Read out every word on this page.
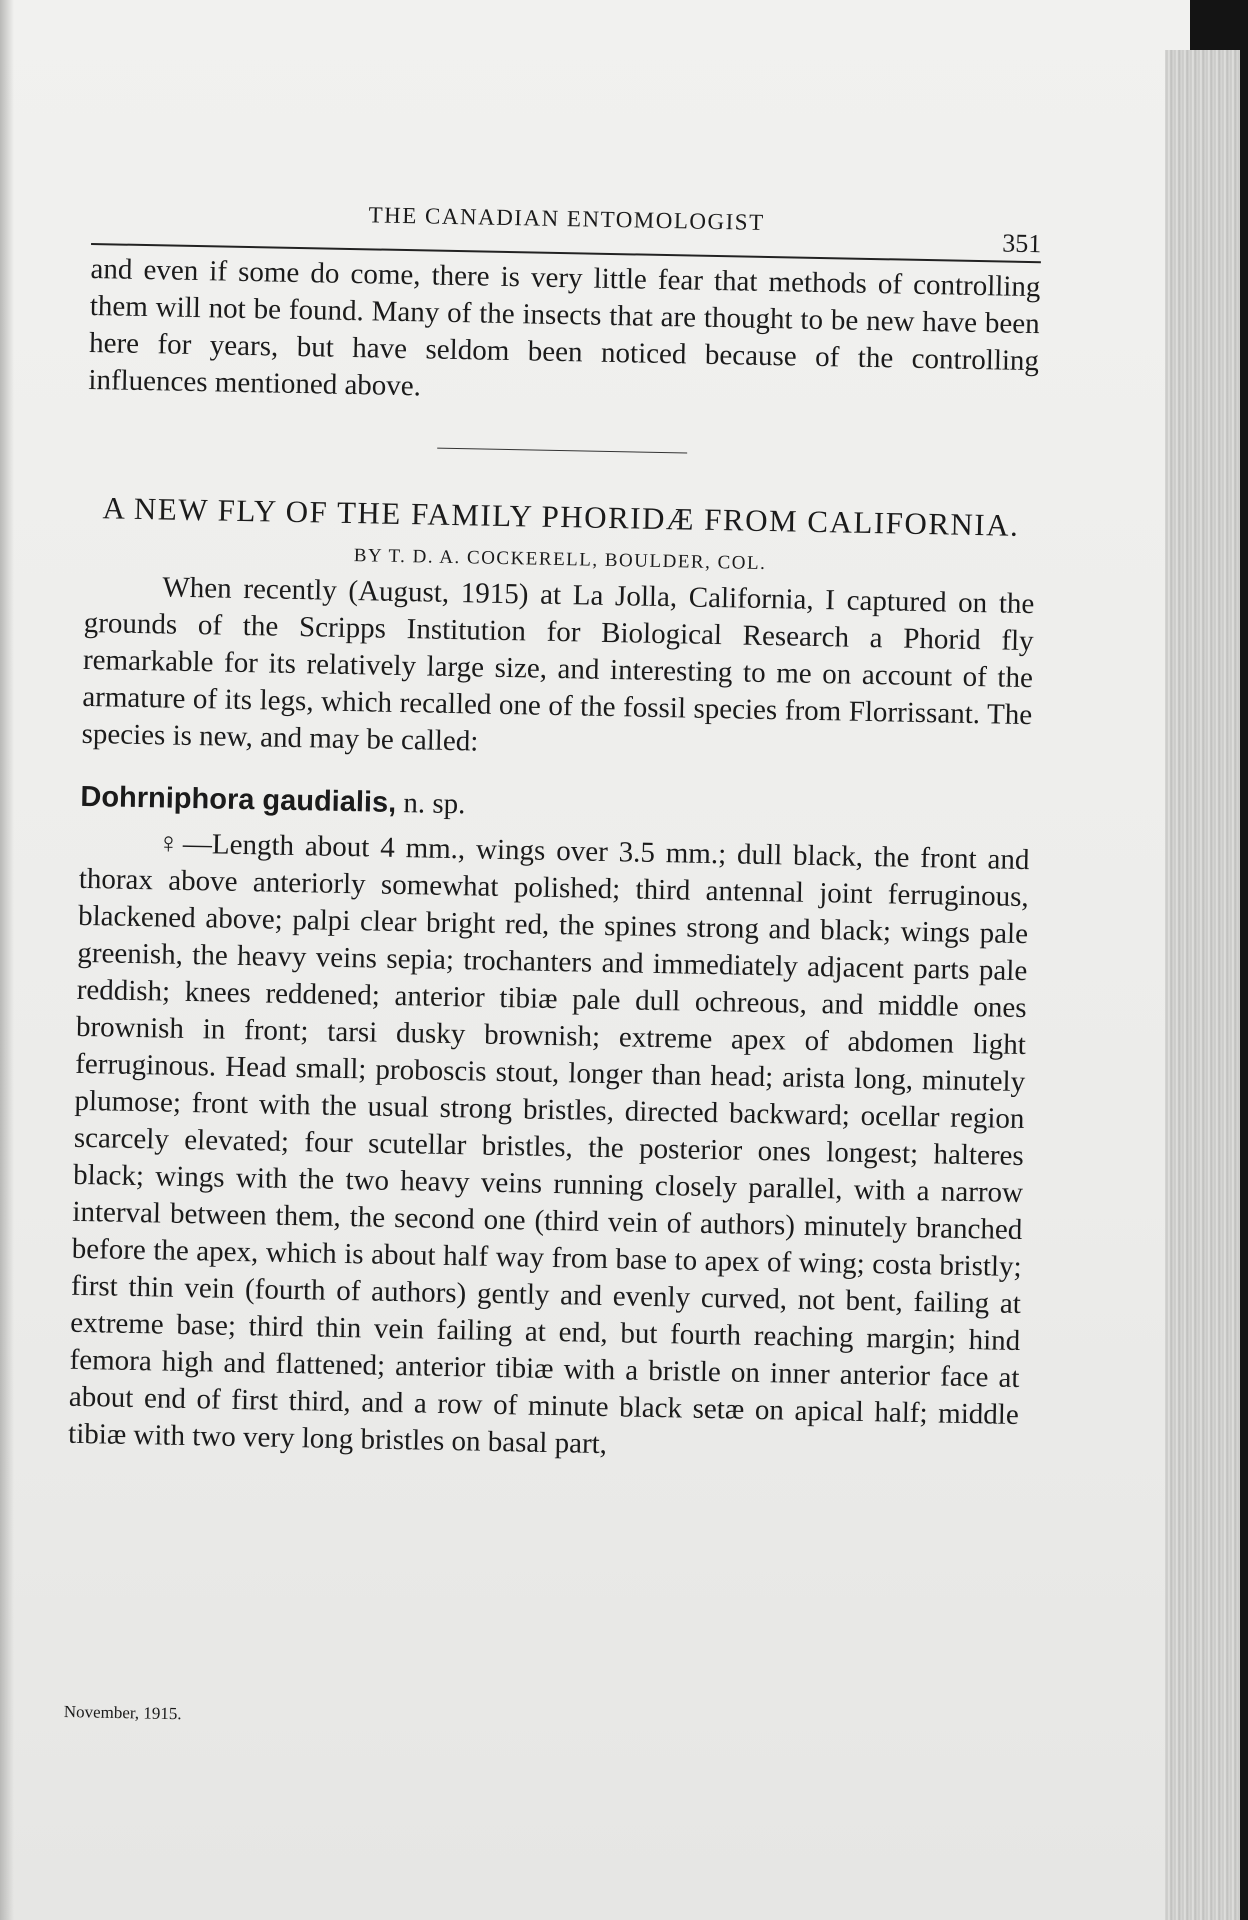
THE CANADIAN ENTOMOLOGIST
351

and even if some do come, there is very little fear that methods of controlling them will not be found. Many of the insects that are thought to be new have been here for years, but have seldom been noticed because of the controlling influences mentioned above.

A NEW FLY OF THE FAMILY PHORIDÆ FROM CALIFORNIA.
BY T. D. A. COCKERELL, BOULDER, COL.

When recently (August, 1915) at La Jolla, California, I captured on the grounds of the Scripps Institution for Biological Research a Phorid fly remarkable for its relatively large size, and interesting to me on account of the armature of its legs, which recalled one of the fossil species from Florrissant. The species is new, and may be called:

Dohrniphora gaudialis, n. sp.

♀—Length about 4 mm., wings over 3.5 mm.; dull black, the front and thorax above anteriorly somewhat polished; third antennal joint ferruginous, blackened above; palpi clear bright red, the spines strong and black; wings pale greenish, the heavy veins sepia; trochanters and immediately adjacent parts pale reddish; knees reddened; anterior tibiæ pale dull ochreous, and middle ones brownish in front; tarsi dusky brownish; extreme apex of abdomen light ferruginous. Head small; proboscis stout, longer than head; arista long, minutely plumose; front with the usual strong bristles, directed backward; ocellar region scarcely elevated; four scutellar bristles, the posterior ones longest; halteres black; wings with the two heavy veins running closely parallel, with a narrow interval between them, the second one (third vein of authors) minutely branched before the apex, which is about half way from base to apex of wing; costa bristly; first thin vein (fourth of authors) gently and evenly curved, not bent, failing at extreme base; third thin vein failing at end, but fourth reaching margin; hind femora high and flattened; anterior tibiæ with a bristle on inner anterior face at about end of first third, and a row of minute black setæ on apical half; middle tibiæ with two very long bristles on basal part,

November, 1915.
